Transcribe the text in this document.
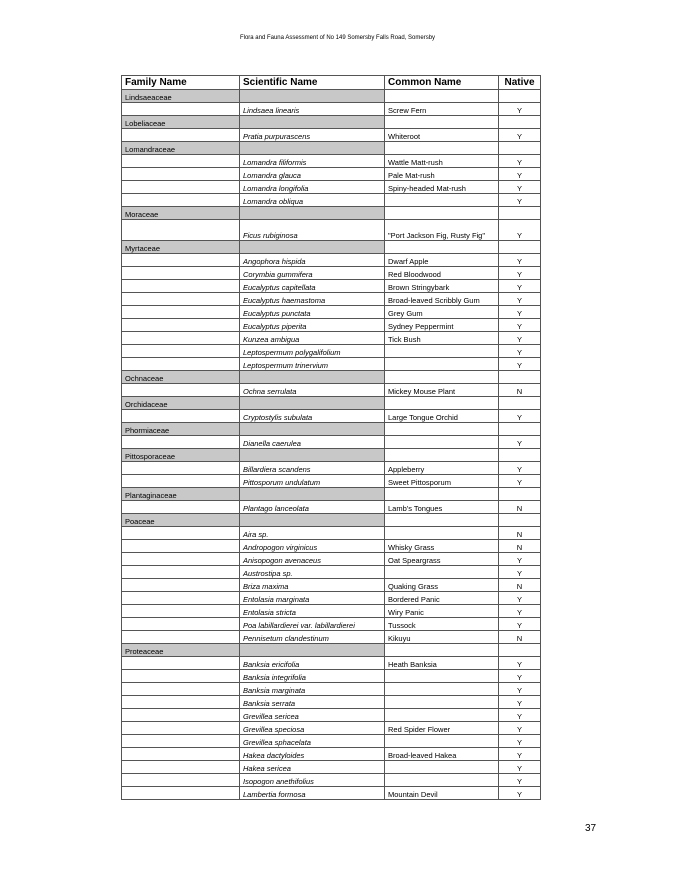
Flora and Fauna Assessment of No 149 Somersby Falls Road, Somersby
Family Name	Scientific Name	Common Name	Native
Lindsaeaceae			
	Lindsaea linearis	Screw Fern	Y
Lobeliaceae			
	Pratia purpurascens	Whiteroot	Y
Lomandraceae			
	Lomandra filiformis	Wattle Matt-rush	Y
	Lomandra glauca	Pale Mat-rush	Y
	Lomandra longifolia	Spiny-headed Mat-rush	Y
	Lomandra obliqua		Y
Moraceae			
	Ficus rubiginosa	"Port Jackson Fig, Rusty Fig"	Y
Myrtaceae			
	Angophora hispida	Dwarf Apple	Y
	Corymbia gummifera	Red Bloodwood	Y
	Eucalyptus capitellata	Brown Stringybark	Y
	Eucalyptus haemastoma	Broad-leaved Scribbly Gum	Y
	Eucalyptus punctata	Grey Gum	Y
	Eucalyptus piperita	Sydney Peppermint	Y
	Kunzea ambigua	Tick Bush	Y
	Leptospermum polygalifolium		Y
	Leptospermum trinervium		Y
Ochnaceae			
	Ochna serrulata	Mickey Mouse Plant	N
Orchidaceae			
	Cryptostylis subulata	Large Tongue Orchid	Y
Phormiaceae			
	Dianella caerulea		Y
Pittosporaceae			
	Billardiera scandens	Appleberry	Y
	Pittosporum undulatum	Sweet Pittosporum	Y
Plantaginaceae			
	Plantago lanceolata	Lamb's Tongues	N
Poaceae			
	Aira sp.		N
	Andropogon virginicus	Whisky Grass	N
	Anisopogon avenaceus	Oat Speargrass	Y
	Austrostipa sp.		Y
	Briza maxima	Quaking Grass	N
	Entolasia marginata	Bordered Panic	Y
	Entolasia stricta	Wiry Panic	Y
	Poa labillardierei var. labillardierei	Tussock	Y
	Pennisetum clandestinum	Kikuyu	N
Proteaceae			
	Banksia ericifolia	Heath Banksia	Y
	Banksia integrifolia		Y
	Banksia marginata		Y
	Banksia serrata		Y
	Grevillea sericea		Y
	Grevillea speciosa	Red Spider Flower	Y
	Grevillea sphacelata		Y
	Hakea dactyloides	Broad-leaved Hakea	Y
	Hakea sericea		Y
	Isopogon anethifolius		Y
	Lambertia formosa	Mountain Devil	Y
37
